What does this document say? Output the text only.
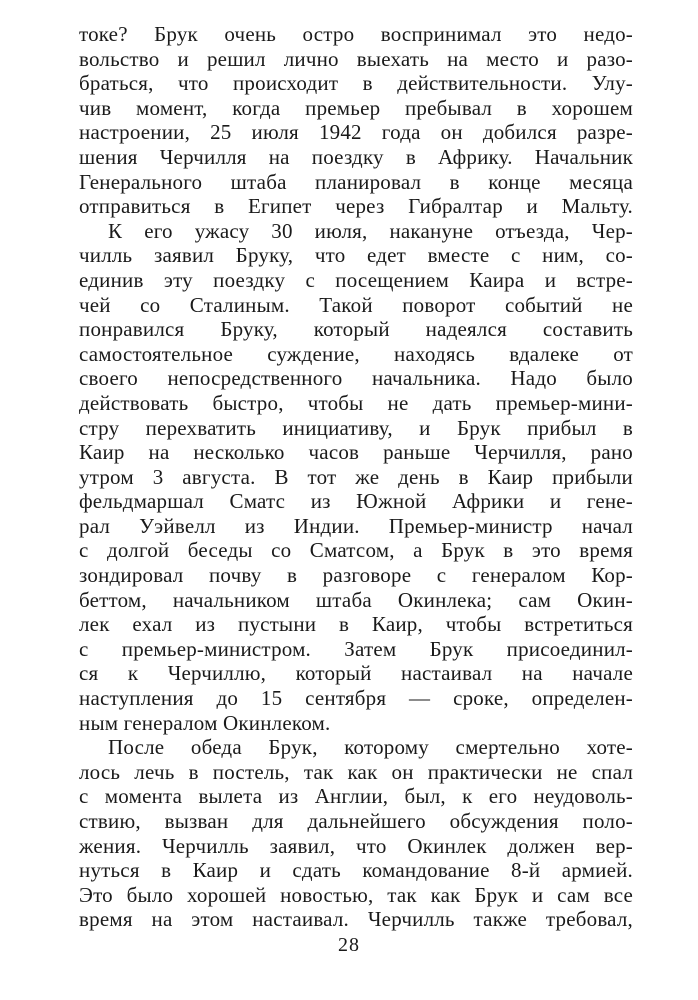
токе? Брук очень остро воспринимал это недо-
вольство и решил лично выехать на место и разо-
браться, что происходит в действительности. Улу-
чив момент, когда премьер пребывал в хорошем
настроении, 25 июля 1942 года он добился разре-
шения Черчилля на поездку в Африку. Начальник
Генерального штаба планировал в конце месяца
отправиться в Египет через Гибралтар и Мальту.
К его ужасу 30 июля, накануне отъезда, Чер-
чилль заявил Бруку, что едет вместе с ним, со-
единив эту поездку с посещением Каира и встре-
чей со Сталиным. Такой поворот событий не
понравился Бруку, который надеялся составить
самостоятельное суждение, находясь вдалеке от
своего непосредственного начальника. Надо было
действовать быстро, чтобы не дать премьер-мини-
стру перехватить инициативу, и Брук прибыл в
Каир на несколько часов раньше Черчилля, рано
утром 3 августа. В тот же день в Каир прибыли
фельдмаршал Сматс из Южной Африки и гене-
рал Уэйвелл из Индии. Премьер-министр начал
с долгой беседы со Сматсом, а Брук в это время
зондировал почву в разговоре с генералом Кор-
беттом, начальником штаба Окинлека; сам Окин-
лек ехал из пустыни в Каир, чтобы встретиться
с премьер-министром. Затем Брук присоединил-
ся к Черчиллю, который настаивал на начале
наступления до 15 сентября — сроке, определен-
ным генералом Окинлеком.
После обеда Брук, которому смертельно хоте-
лось лечь в постель, так как он практически не спал
с момента вылета из Англии, был, к его неудоволь-
ствию, вызван для дальнейшего обсуждения поло-
жения. Черчилль заявил, что Окинлек должен вер-
нуться в Каир и сдать командование 8-й армией.
Это было хорошей новостью, так как Брук и сам все
время на этом настаивал. Черчилль также требовал,
28
